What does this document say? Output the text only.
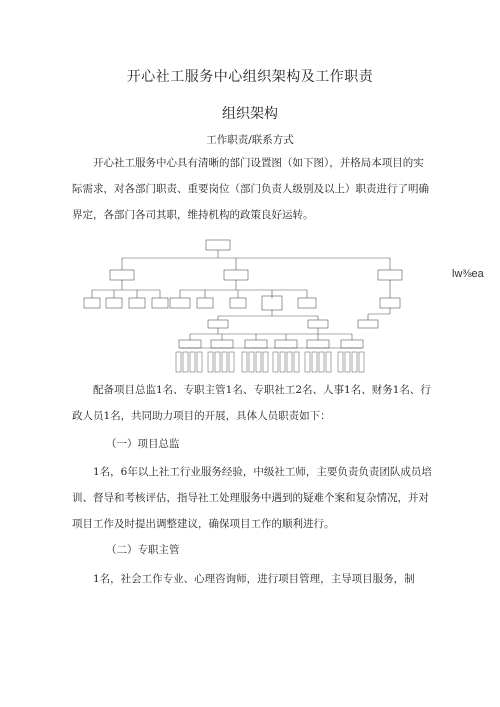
开心社工服务中心组织架构及工作职责
组织架构
工作职责/联系方式
　　开心社工服务中心具有清晰的部门设置图（如下图），并格局本项目的实际需求，对各部门职责、重要岗位（部门负责人级别及以上）职责进行了明确界定，各部门各司其职，维持机构的政策良好运转。
lw⅜ea
　　配备项目总监1名、专职主管1名、专职社工2名、人事1名、财务1名、行政人员1名，共同助力项目的开展，具体人员职责如下：
（一）项目总监
　　1名，6年以上社工行业服务经验，中级社工师，主要负责负责团队成员培训、督导和考核评估，指导社工处理服务中遇到的疑难个案和复杂情况，并对项目工作及时提出调整建议，确保项目工作的顺利进行。
（二）专职主管
　　1名，社会工作专业、心理咨询师，进行项目管理，主导项目服务，制
